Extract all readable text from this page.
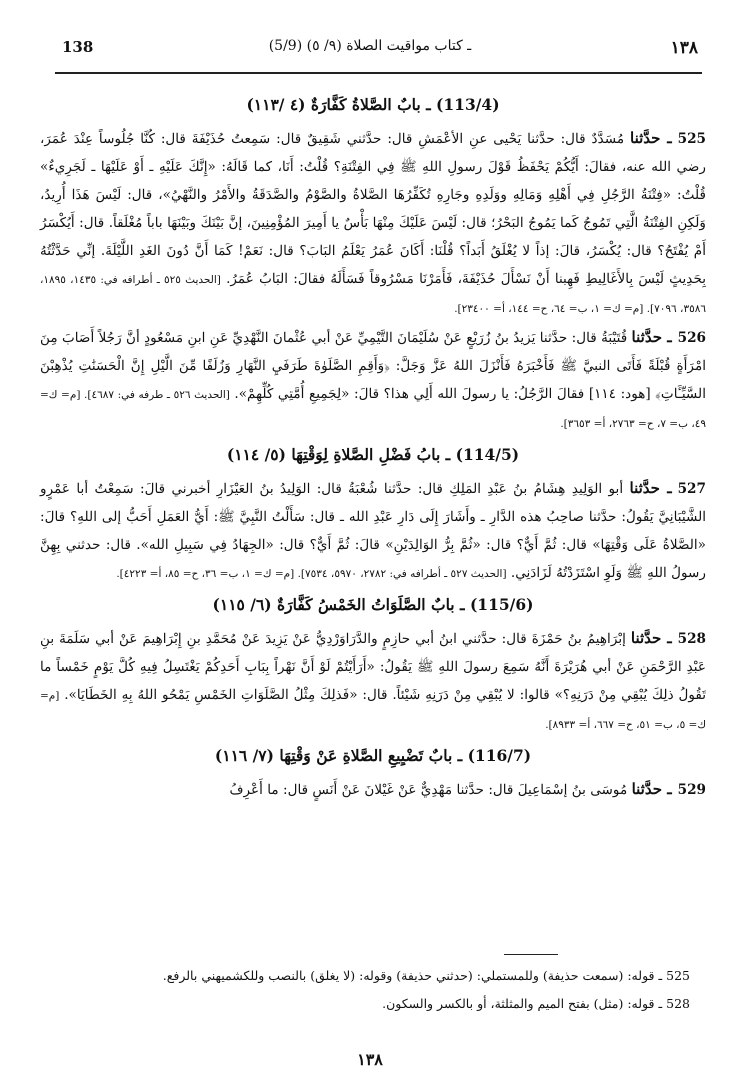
138	(5/9) ـ كتاب مواقيت الصلاة (٩/ ٥)	١٣٨
(113/4) ـ بابٌ الصَّلاةُ كَفَّارَةٌ (٤ /١١٣)

525ـ حدَّثنا مُسَدَّدٌ قال: حدَّثنا يَحْيى عنِ الأعْمَشِ قال: حدَّثني شَقِيقٌ قال: سَمِعتُ حُذَيْفَةَ قال: كُنَّا جُلُوساً عِنْدَ عُمَرَ، رضي الله عنه، فقالَ: أَيُّكُمْ يَحْفَظُ قَوْلَ رسولِ اللهِ ﷺ فِي الفِتْنَةِ؟ قُلْتُ: أَنَا، كما قَالَهُ: «إِنَّكَ عَلَيْهِ ـ أَوْ عَلَيْهَا ـ لَجَرِيءٌ» قُلْتُ: «فِتْنَةُ الرَّجُلِ فِي أَهْلِهِ وَمَالِهِ ووَلَدِهِ وجَارِهِ تُكَفِّرُهَا الصَّلاةُ والصَّوْمُ والصَّدَقَةُ والأَمْرُ والنَّهْيُ»، قال: لَيْسَ هَذَا أُرِيدُ، وَلَكِنِ الفِتْنَةُ الَّتِي تَمُوجُ كَما يَمُوجُ البَحْرُ؛ قال: لَيْسَ عَلَيْكَ مِنْهَا بَأْسٌ يا أَمِيرَ المُؤْمِنِينَ، إنَّ بَيْنَكَ وبَيْنَهَا باباً مُغْلَقاً. قال: أَيُكْسَرُ أَمْ يُفْتَحُ؟ قال: يُكْسَرُ، قالَ: إذاً لا يُغْلَقُ أَبَداً؟ قُلْنَا: أَكَانَ عُمَرُ يَعْلَمُ البَابَ؟ قال: نَعَمْ! كَمَا أَنَّ دُونَ الغَدِ اللَّيْلَةَ. إنِّي حَدَّثْتُهُ بِحَدِيثٍ لَيْسَ بِالأَغَالِيطِ فَهِبنا أَنْ نَسْأَلَ حُذَيْفَةَ، فَأَمَرْنَا مَسْرُوقاً فَسَأَلَهُ فقالَ: البَابُ عُمَرُ. [الحديث ٥٢٥ ـ أطرافه في: ١٤٣٥، ١٨٩٥، ٣٥٨٦، ٧٠٩٦]. [م= ك= ١، ب= ٦٤، ح= ١٤٤، أ= ٢٣٤٠٠].

526ـ حدَّثنا قُتَيْبَةُ قال: حدَّثنا يَزيدُ بنُ زُرَيْعٍ عَنْ سُلَيْمَانَ التَّيْمِيِّ عَنْ أبي عُثْمانَ النَّهْدِيِّ عَنِ ابنِ مَسْعُودٍ أنَّ رَجُلاً أَصَابَ مِنَ امْرَأَةٍ قُبْلَةً فَأَتَى النبيَّ ﷺ فَأَخْبَرَهُ فَأَنْزَلَ اللهُ عَزَّ وَجَلَّ: ﴿وَأَقِمِ الصَّلَوٰةَ طَرَفَيِ النَّهَارِ وَزُلَفًا مِّنَ الَّيْلِ إِنَّ الْحَسَنَٰتِ يُذْهِبْنَ السَّيِّـَٔاتِ﴾ [هود: ١١٤] فقالَ الرَّجُلُ: يا رسولَ الله أَلِي هذا؟ قالَ: «لِجَمِيعِ أُمَّتِي كُلِّهِمْ». [الحديث ٥٢٦ ـ طرفه في: ٤٦٨٧]. [م= ك= ٤٩، ب= ٧، ح= ٢٧٦٣، أ= ٣٦٥٣].

(114/5) ـ بابُ فَضْلِ الصَّلاةِ لِوَقْتِهَا (٥/ ١١٤)

527ـ حدَّثنا أبو الوَلِيدِ هِشَامُ بنُ عَبْدِ المَلِكِ قال: حدَّثنا شُعْبَةُ قال: الوَلِيدُ بنُ العَيْزَارِ أخبرني قالَ: سَمِعْتُ أبا عَمْرٍو الشَّيْبَانِيَّ يَقُولُ: حدَّثنا صاحِبُ هذه الدَّارِ ـ وأَشَارَ إِلَى دَارِ عَبْدِ الله ـ قال: سَأَلْتُ النَّبِيَّ ﷺ: أَيُّ العَمَلِ أَحَبُّ إلى اللهِ؟ قالَ: «الصَّلاةُ عَلَى وَقْتِهَا» قال: ثُمَّ أَيٌّ؟ قال: «ثُمَّ بِرُّ الوَالِدَيْنِ» قالَ: ثُمَّ أَيٌّ؟ قال: «الجِهَادُ فِي سَبِيلِ الله». قال: حدثني بِهِنَّ رسولُ اللهِ ﷺ وَلَوِ اسْتَزَدْتُهُ لَزَادَنِي. [الحديث ٥٢٧ ـ أطرافه في: ٢٧٨٢، ٥٩٧٠، ٧٥٣٤]. [م= ك= ١، ب= ٣٦، ح= ٨٥، أ= ٤٢٢٣].

(115/6) ـ بابٌ الصَّلَوَاتُ الخَمْسُ كَفَّارَةٌ (٦/ ١١٥)

528ـ حدَّثنا إبْرَاهِيمُ بنُ حَمْزَةَ قال: حدَّثني ابنُ أبي حازِمٍ والدَّرَاوَرْدِيُّ عَنْ يَزِيدَ عَنْ مُحَمَّدِ بنِ إِبْرَاهِيمَ عَنْ أبي سَلَمَةَ بنِ عَبْدِ الرَّحْمَنِ عَنْ أبي هُرَيْرَةَ أَنَّهُ سَمِعَ رسولَ اللهِ ﷺ يَقُولُ: «أَرَأَيْتُمْ لَوْ أَنَّ نَهْراً بِبَابِ أَحَدِكُمْ يَغْتَسِلُ فِيهِ كُلَّ يَوْمٍ خَمْساً ما تَقُولُ ذلِكَ يُبْقِي مِنْ دَرَنِهِ؟» قالوا: لا يُبْقِي مِنْ دَرَنِهِ شَيْئاً. قال: «فَذلِكَ مِثْلُ الصَّلَوَاتِ الخَمْسِ يَمْحُو اللهُ بِهِ الخَطَايَا». [م= ك= ٥، ب= ٥١، ح= ٦٦٧، أ= ٨٩٣٣].

(116/7) ـ بابٌ تَضْيِيعِ الصَّلاةِ عَنْ وَقْتِهَا (٧/ ١١٦)

529ـ حدَّثنا مُوسَى بنُ إسْمَاعِيلَ قال: حدَّثنا مَهْدِيٌّ عَنْ غَيْلانَ عَنْ أَنَسٍ قال: ما أَعْرِفُ

525ـ قوله: (سمعت حذيفة) وللمستملي: (حدثني حذيفة) وقوله: (لا يغلق) بالنصب وللكشميهني بالرفع.

528ـ قوله: (مثل) بفتح الميم والمثلثة، أو بالكسر والسكون.

١٣٨
